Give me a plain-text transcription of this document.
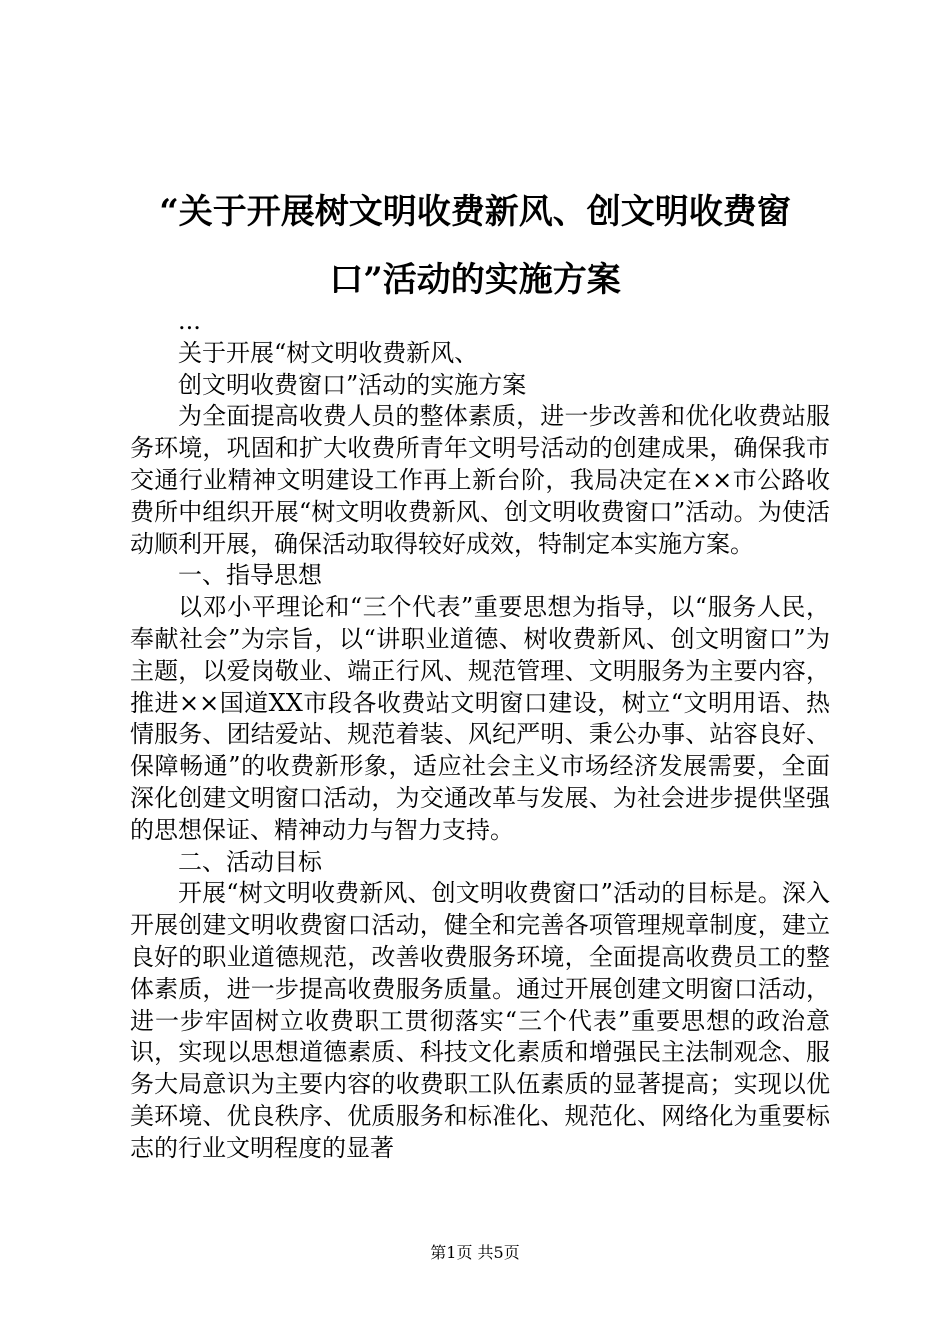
“关于开展树文明收费新风、创文明收费窗
口”活动的实施方案

...

关于开展“树文明收费新风、

创文明收费窗口”活动的实施方案

为全面提高收费人员的整体素质，进一步改善和优化收费站服务环境，巩固和扩大收费所青年文明号活动的创建成果，确保我市交通行业精神文明建设工作再上新台阶，我局决定在××市公路收费所中组织开展“树文明收费新风、创文明收费窗口”活动。为使活动顺利开展，确保活动取得较好成效，特制定本实施方案。

一、指导思想

以邓小平理论和“三个代表”重要思想为指导，以“服务人民，奉献社会”为宗旨，以“讲职业道德、树收费新风、创文明窗口”为主题，以爱岗敬业、端正行风、规范管理、文明服务为主要内容，推进××国道XX市段各收费站文明窗口建设，树立“文明用语、热情服务、团结爱站、规范着装、风纪严明、秉公办事、站容良好、保障畅通”的收费新形象，适应社会主义市场经济发展需要，全面深化创建文明窗口活动，为交通改革与发展、为社会进步提供坚强的思想保证、精神动力与智力支持。

二、活动目标

开展“树文明收费新风、创文明收费窗口”活动的目标是。深入开展创建文明收费窗口活动，健全和完善各项管理规章制度，建立良好的职业道德规范，改善收费服务环境，全面提高收费员工的整体素质，进一步提高收费服务质量。通过开展创建文明窗口活动，进一步牢固树立收费职工贯彻落实“三个代表”重要思想的政治意识，实现以思想道德素质、科技文化素质和增强民主法制观念、服务大局意识为主要内容的收费职工队伍素质的显著提高；实现以优美环境、优良秩序、优质服务和标准化、规范化、网络化为重要标志的行业文明程度的显著

第1页 共5页
